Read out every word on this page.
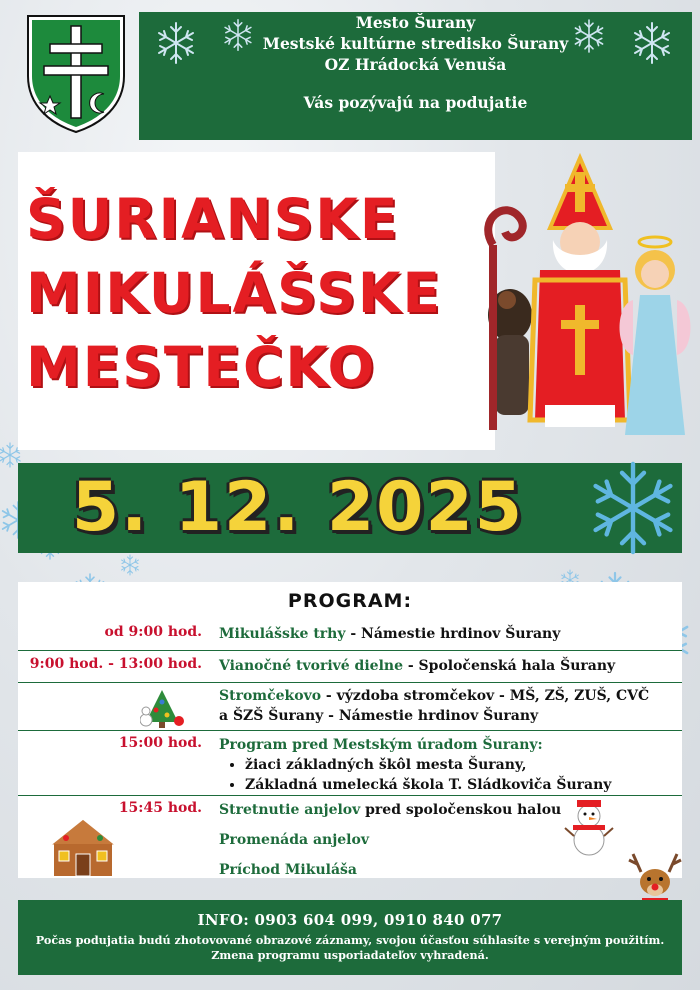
Mesto Šurany
Mestské kultúrne stredisko Šurany
OZ Hrádocká Venuša
Vás pozývajú na podujatie
ŠURIANSKE
MIKULÁŠSKE
MESTEČKO
5. 12. 2025
PROGRAM:
od 9:00 hod. Mikulášske trhy - Námestie hrdinov Šurany
9:00 hod. - 13:00 hod. Vianočné tvorivé dielne - Spoločenská hala Šurany
Stromčekovo - výzdoba stromčekov - MŠ, ZŠ, ZUŠ, CVČ
a ŠZŠ Šurany - Námestie hrdinov Šurany
15:00 hod. Program pred Mestským úradom Šurany:
• žiaci základných škôl mesta Šurany,
• Základná umelecká škola T. Sládkoviča Šurany
15:45 hod. Stretnutie anjelov pred spoločenskou halou
Promenáda anjelov
Príchod Mikuláša
INFO: 0903 604 099, 0910 840 077
Počas podujatia budú zhotovované obrazové záznamy, svojou účasťou súhlasíte s verejným použitím.
Zmena programu usporiadateľov vyhradená.
